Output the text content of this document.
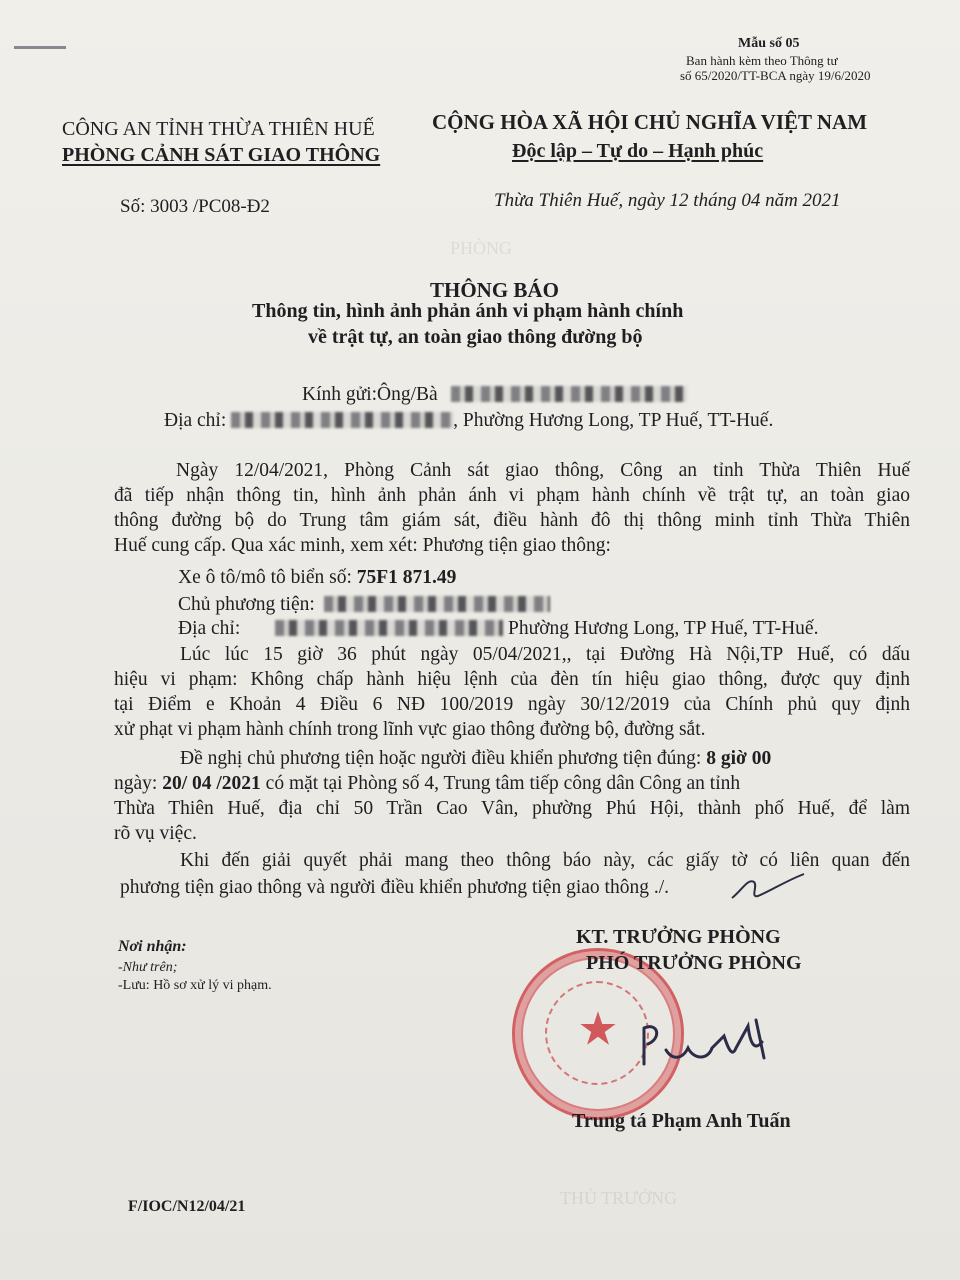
PHÒNG
THỦ TRƯỞNG
Mẫu số 05
Ban hành kèm theo Thông tư
số 65/2020/TT-BCA ngày 19/6/2020
CÔNG AN TỈNH THỪA THIÊN HUẾ
PHÒNG CẢNH SÁT GIAO THÔNG
Số: 3003 /PC08-Đ2
CỘNG HÒA XÃ HỘI CHỦ NGHĨA VIỆT NAM
Độc lập – Tự do – Hạnh phúc
Thừa Thiên Huế, ngày 12 tháng 04 năm 2021
THÔNG BÁO
Thông tin, hình ảnh phản ánh vi phạm hành chính
về trật tự, an toàn giao thông đường bộ
Kính gửi:Ông/Bà
Địa chỉ:	, Phường Hương Long, TP Huế, TT-Huế.
Ngày 12/04/2021, Phòng Cảnh sát giao thông, Công an tỉnh Thừa Thiên Huế
đã tiếp nhận thông tin, hình ảnh phản ánh vi phạm hành chính về trật tự, an toàn giao
thông đường bộ do Trung tâm giám sát, điều hành đô thị thông minh tỉnh Thừa Thiên
Huế cung cấp. Qua xác minh, xem xét: Phương tiện giao thông:
Xe ô tô/mô tô biển số: 75F1 871.49
Chủ phương tiện:
Địa chỉ:	Phường Hương Long, TP Huế, TT-Huế.
Lúc lúc 15 giờ 36 phút ngày 05/04/2021,, tại Đường Hà Nội,TP Huế, có dấu
hiệu vi phạm: Không chấp hành hiệu lệnh của đèn tín hiệu giao thông, được quy định
tại Điểm e Khoản 4 Điều 6 NĐ 100/2019 ngày 30/12/2019 của Chính phủ quy định
xử phạt vi phạm hành chính trong lĩnh vực giao thông đường bộ, đường sắt.
Đề nghị chủ phương tiện hoặc người điều khiển phương tiện đúng: 8 giờ 00
ngày: 20/ 04 /2021 có mặt tại Phòng số 4, Trung tâm tiếp công dân Công an tỉnh
Thừa Thiên Huế, địa chỉ 50 Trần Cao Vân, phường Phú Hội, thành phố Huế, để làm
rõ vụ việc.
Khi đến giải quyết phải mang theo thông báo này, các giấy tờ có liên quan đến
phương tiện giao thông và người điều khiển phương tiện giao thông ./.
Nơi nhận:
-Như trên;
-Lưu: Hồ sơ xử lý vi phạm.
★
KT. TRƯỞNG PHÒNG
PHÓ TRƯỞNG PHÒNG
Trung tá Phạm Anh Tuấn
F/IOC/N12/04/21
